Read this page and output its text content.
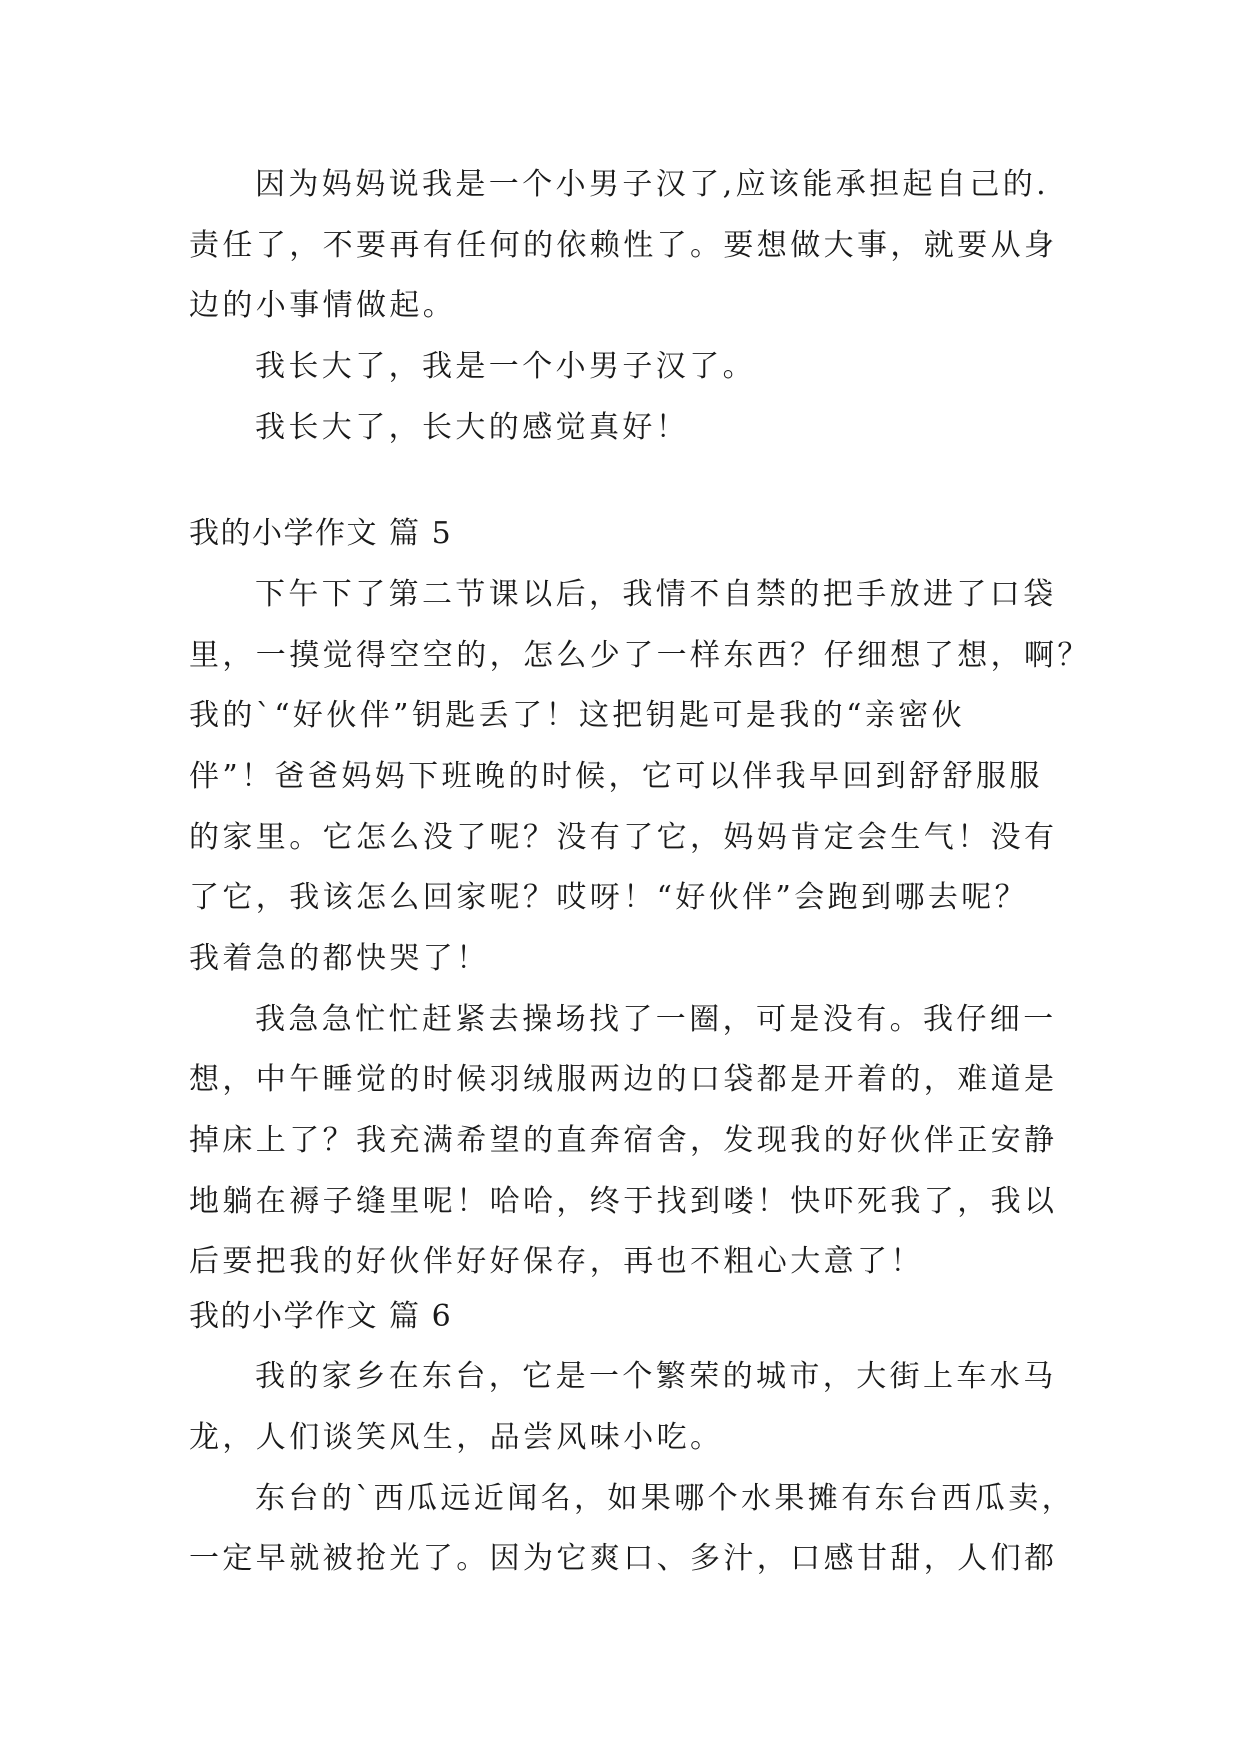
因为妈妈说我是一个小男子汉了,应该能承担起自己的.

责任了，不要再有任何的依赖性了。要想做大事，就要从身

边的小事情做起。

我长大了，我是一个小男子汉了。

我长大了，长大的感觉真好！

我的小学作文 篇 5

下午下了第二节课以后，我情不自禁的把手放进了口袋

里，一摸觉得空空的，怎么少了一样东西？仔细想了想，啊？

我的`“好伙伴”钥匙丢了！这把钥匙可是我的“亲密伙

伴”！爸爸妈妈下班晚的时候，它可以伴我早回到舒舒服服

的家里。它怎么没了呢？没有了它，妈妈肯定会生气！没有

了它，我该怎么回家呢？哎呀！“好伙伴”会跑到哪去呢？

我着急的都快哭了！

我急急忙忙赶紧去操场找了一圈，可是没有。我仔细一

想，中午睡觉的时候羽绒服两边的口袋都是开着的，难道是

掉床上了？我充满希望的直奔宿舍，发现我的好伙伴正安静

地躺在褥子缝里呢！哈哈，终于找到喽！快吓死我了，我以

后要把我的好伙伴好好保存，再也不粗心大意了！

我的小学作文 篇 6

我的家乡在东台，它是一个繁荣的城市，大街上车水马

龙，人们谈笑风生，品尝风味小吃。

东台的`西瓜远近闻名，如果哪个水果摊有东台西瓜卖，

一定早就被抢光了。因为它爽口、多汁，口感甘甜，人们都
